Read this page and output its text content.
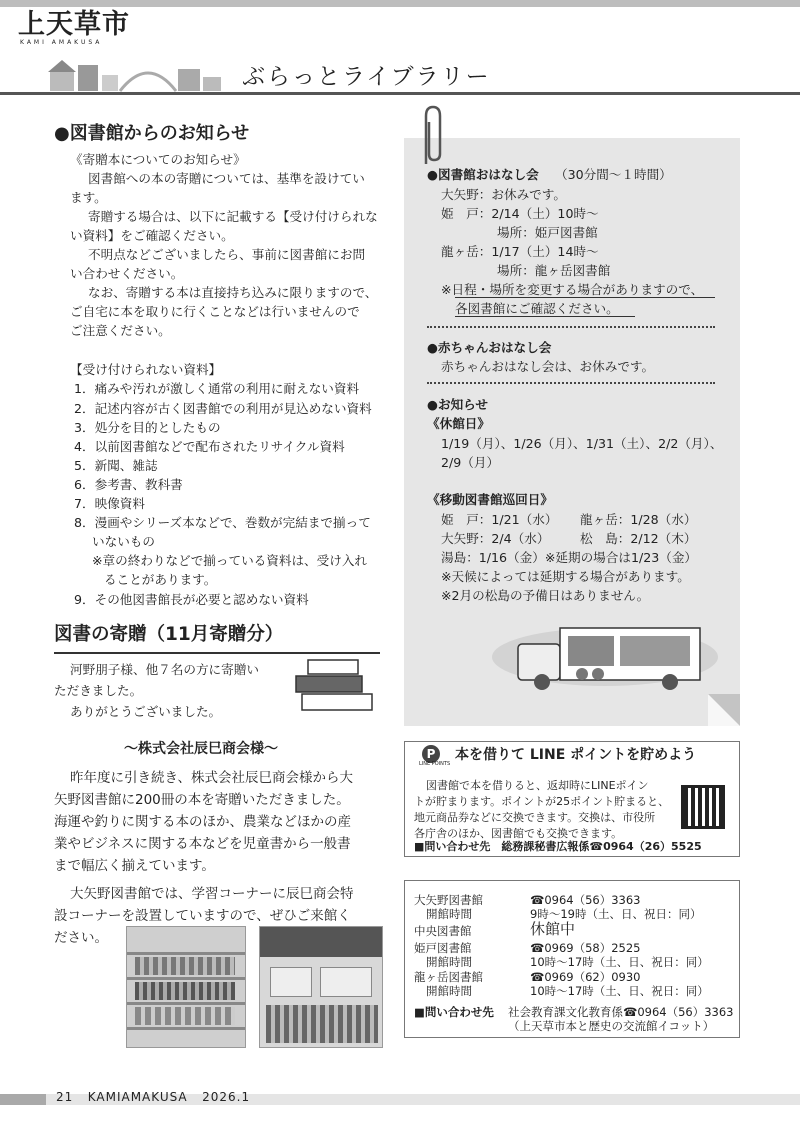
上天草市
KAMI AMAKUSA
ぶらっとライブラリー
●図書館からのお知らせ
《寄贈本についてのお知らせ》
図書館への本の寄贈については、基準を設けてい
ます。
寄贈する場合は、以下に記載する【受け付けられな
い資料】をご確認ください。
不明点などございましたら、事前に図書館にお問
い合わせください。
なお、寄贈する本は直接持ち込みに限りますので、
ご自宅に本を取りに行くことなどは行いませんので
ご注意ください。
【受け付けられない資料】
1．痛みや汚れが激しく通常の利用に耐えない資料
2．記述内容が古く図書館での利用が見込めない資料
3．処分を目的としたもの
4．以前図書館などで配布されたリサイクル資料
5．新聞、雑誌
6．参考書、教科書
7．映像資料
8．漫画やシリーズ本などで、巻数が完結まで揃って
いないもの
※章の終わりなどで揃っている資料は、受け入れ
ることがあります。
9．その他図書館長が必要と認めない資料
図書の寄贈（11月寄贈分）
河野朋子様、他７名の方に寄贈い
ただきました。
ありがとうございました。
～株式会社辰巳商会様～
昨年度に引き続き、株式会社辰巳商会様から大
矢野図書館に200冊の本を寄贈いただきました。
海運や釣りに関する本のほか、農業などほかの産
業やビジネスに関する本などを児童書から一般書
まで幅広く揃えています。
大矢野図書館では、学習コーナーに辰巳商会特
設コーナーを設置していますので、ぜひご来館く
ださい。
●図書館おはなし会 （30分間～１時間）
大矢野：お休みです。
姫　戸：2/14（土）10時～
場所：姫戸図書館
龍ヶ岳：1/17（土）14時～
場所：龍ヶ岳図書館
※日程・場所を変更する場合がありますので、
各図書館にご確認ください。
●赤ちゃんおはなし会
赤ちゃんおはなし会は、お休みです。
●お知らせ
《休館日》
1/19（月）、1/26（月）、1/31（土）、2/2（月）、
2/9（月）
《移動図書館巡回日》
姫　戸：1/21（水） 龍ヶ岳：1/28（水）
大矢野：2/4（水） 松　島：2/12（木）
湯島：1/16（金）※延期の場合は1/23（金）
※天候によっては延期する場合があります。
※2月の松島の予備日はありません。
P
LINE POINTS
本を借りて LINE ポイントを貯めよう
図書館で本を借りると、返却時にLINEポイン
トが貯まります。ポイントが25ポイント貯まると、
地元商品券などに交換できます。交換は、市役所
各庁舎のほか、図書館でも交換できます。
■問い合わせ先　総務課秘書広報係☎0964（26）5525
大矢野図書館	☎0964（56）3363
開館時間	9時～19時（土、日、祝日：同）
中央図書館	休館中
姫戸図書館	☎0969（58）2525
開館時間	10時～17時（土、日、祝日：同）
龍ヶ岳図書館	☎0969（62）0930
開館時間	10時～17時（土、日、祝日：同）
■問い合わせ先 社会教育課文化教育係☎0964（56）3363
（上天草市本と歴史の交流館イコット）
21 KAMIAMAKUSA 2026.1
